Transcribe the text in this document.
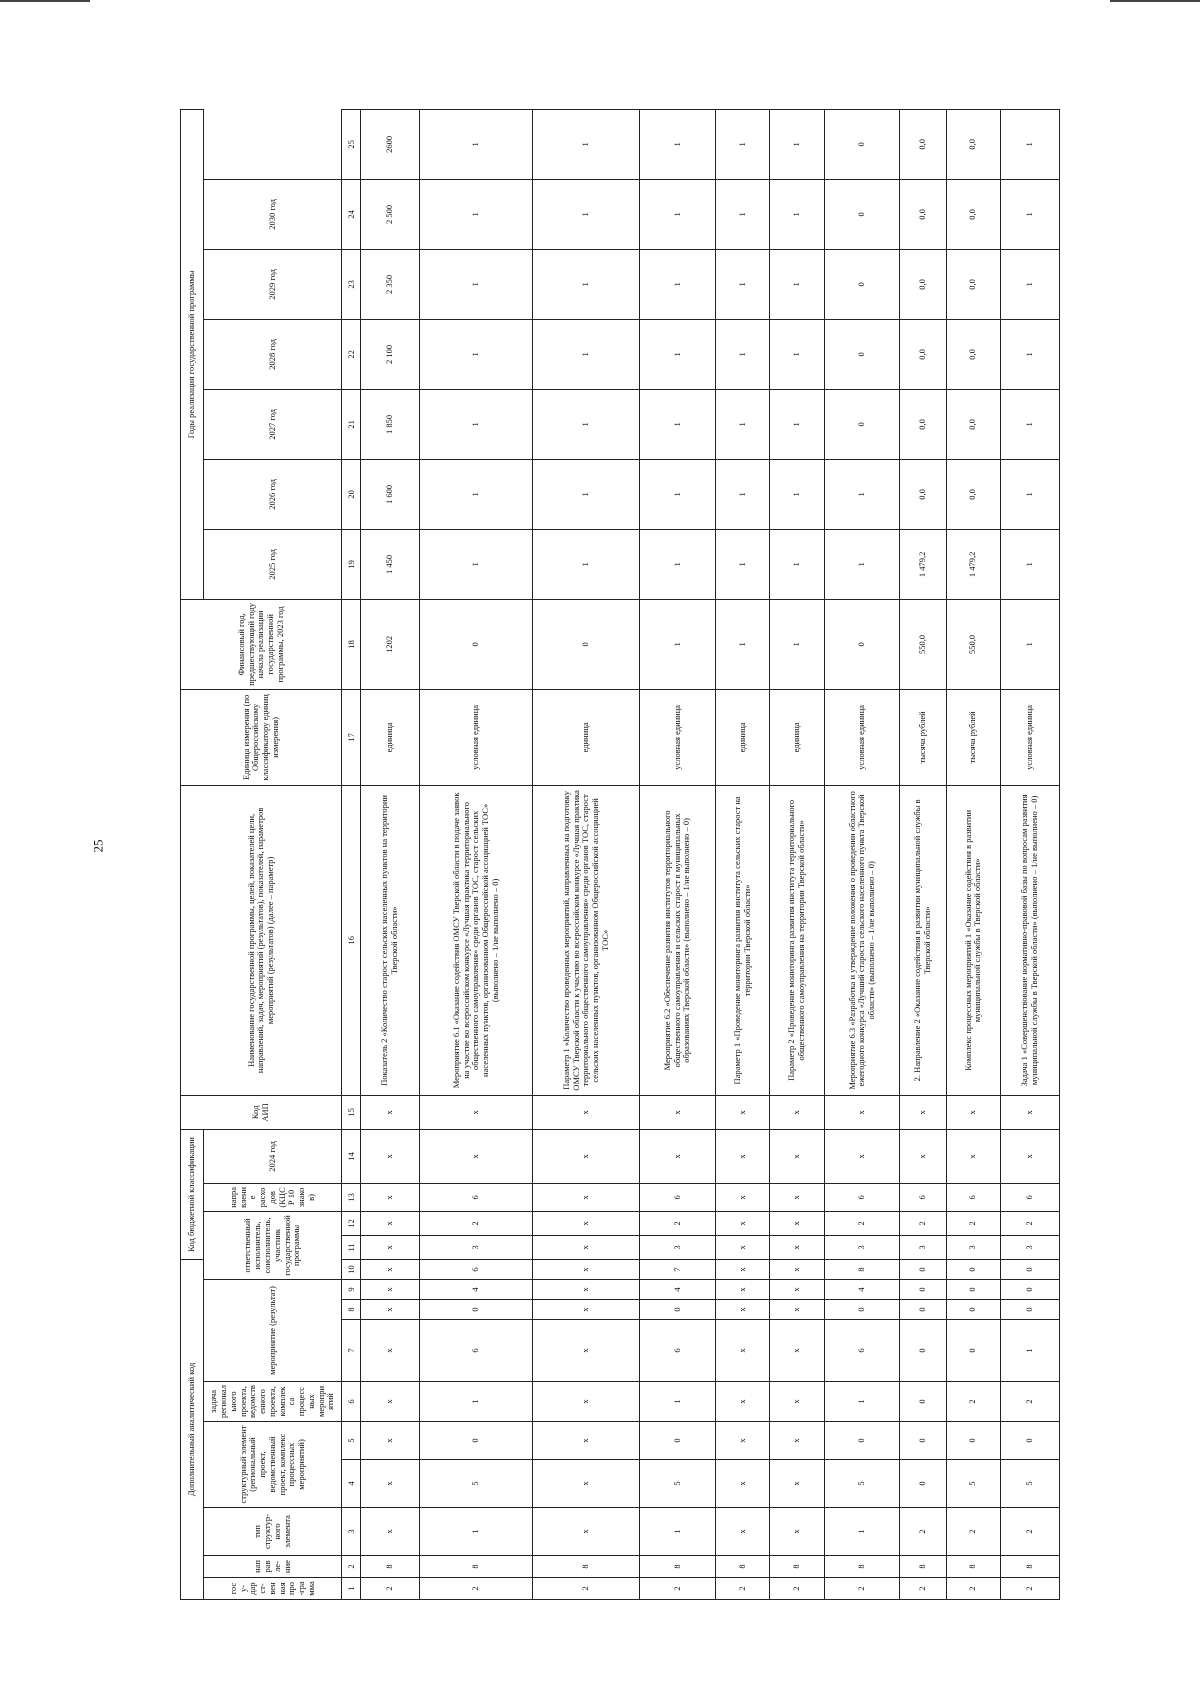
25
Дополнительный аналитический код										Код бюджетной классификации				Код АИП	Наименование государственной программы, целей, показателей цели, направлений, задач, мероприятий (результатов), показателей, параметров мероприятий (результатов) (далее – параметр)	Единица измерения (по Общероссийскому классификатору единиц измерения)	Финансовый год, предшествующий году начала реализации государственной программы, 2023 год	Годы реализации государственной программы						
госу-дарст-венная про-грамма	направле-ние	тип структур-ного элемента	структурный элемент (региональный проект, ведомственный проект, комплекс процессных мероприятий)		задача регионального проекта, ведомственного проекта, комплекса процессных мероприятий	мероприятие (результат)			ответственный исполнитель, соисполнитель, участник государственной программы			направление расходов (КЦСР 10 знаков)	2024 год					2025 год	2026 год	2027 год	2028 год	2029 год	2030 год	

1	2	3	4	5	6	7	8	9	10	11	12	13	14	15	16	17	18	19	20	21	22	23	24	25
2	8	x	x	x	x	x	x	x	x	x	x	x	x	x	Показатель 2 «Количество старост сельских населенных пунктов на территории Тверской области»	единица	1202	1 450	1 600	1 850	2 100	2 350	2 500	2600
2	8	1	5	0	1	6	0	4	6	3	2	6	x	x	Мероприятие 6.1 «Оказание содействия ОМСУ Тверской области в подаче заявок на участие во всероссийском конкурсе «Лучшая практика территориального общественного самоуправления» среди органов ТОС, старост сельских населенных пунктов, организованном Общероссийской ассоциацией ТОС» (выполнено – 1/не выполнено – 0)	условная единица	0	1	1	1	1	1	1	1
2	8	x	x	x	x	x	x	x	x	x	x	x	x	x	Параметр 1 «Количество проведенных мероприятий, направленных на подготовку ОМСУ Тверской области к участию во всероссийском конкурсе «Лучшая практика территориального общественного самоуправления» среди органов ТОС, старост сельских населенных пунктов, организованном Общероссийской ассоциацией ТОС»	единица	0	1	1	1	1	1	1	1
2	8	1	5	0	1	6	0	4	7	3	2	6	x	x	Мероприятие 6.2 «Обеспечение развития институтов территориального общественного самоуправления и сельских старост в муниципальных образованиях Тверской области» (выполнено – 1/не выполнено – 0)	условная единица	1	1	1	1	1	1	1	1
2	8	x	x	x	x	x	x	x	x	x	x	x	x	x	Параметр 1 «Проведение мониторинга развития института сельских старост на территории Тверской области»	единица	1	1	1	1	1	1	1	1
2	8	x	x	x	x	x	x	x	x	x	x	x	x	x	Параметр 2 «Проведение мониторинга развития института территориального общественного самоуправления на территории Тверской области»	единица	1	1	1	1	1	1	1	1
2	8	1	5	0	1	6	0	4	8	3	2	6	x	x	Мероприятие 6.3 «Разработка и утверждение положения о проведении областного ежегодного конкурса «Лучший староста сельского населенного пункта Тверской области» (выполнено – 1/не выполнено – 0)	условная единица	0	1	1	0	0	0	0	0
2	8	2	0	0	0	0	0	0	0	3	2	6	x	x	2. Направление 2 «Оказание содействия в развитии муниципальной службы в Тверской области»	тысяча рублей	550,0	1 479,2	0,0	0,0	0,0	0,0	0,0	0,0
2	8	2	5	0	2	0	0	0	0	3	2	6	x	x	Комплекс процессных мероприятий 1 «Оказание содействия в развитии муниципальной службы в Тверской области»	тысяча рублей	550,0	1 479,2	0,0	0,0	0,0	0,0	0,0	0,0
2	8	2	5	0	2	1	0	0	0	3	2	6	x	x	Задача 1 «Совершенствование нормативно-правовой базы по вопросам развития муниципальной службы в Тверской области» (выполнено – 1/не выполнено – 0)	условная единица	1	1	1	1	1	1	1	1
